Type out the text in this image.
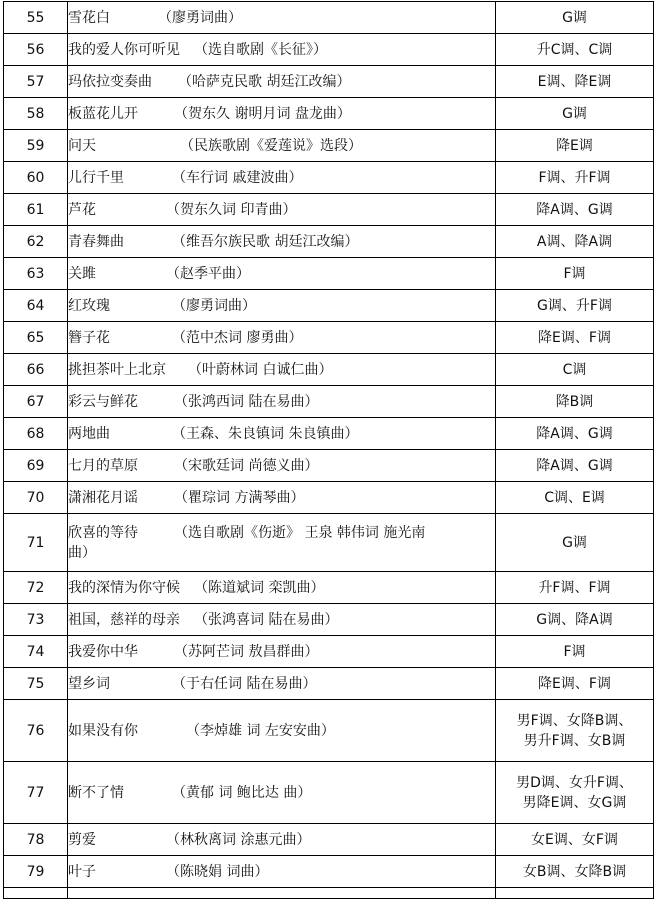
55	雪花白 （廖勇词曲）	G调
56	我的爱人你可听见 （选自歌剧《长征》）	升C调、C调
57	玛依拉变奏曲 （哈萨克民歌 胡廷江改编）	E调、降E调
58	板蓝花儿开 （贺东久 谢明月词 盘龙曲）	G调
59	问天 （民族歌剧《爱莲说》选段）	降E调
60	儿行千里 （车行词 戚建波曲）	F调、升F调
61	芦花 （贺东久词 印青曲）	降A调、G调
62	青春舞曲 （维吾尔族民歌 胡廷江改编）	A调、降A调
63	关雎 （赵季平曲）	F调
64	红玫瑰 （廖勇词曲）	G调、升F调
65	簪子花 （范中杰词 廖勇曲）	降E调、F调
66	挑担茶叶上北京 （叶蔚林词 白诚仁曲）	C调
67	彩云与鲜花 （张鸿西词 陆在易曲）	降B调
68	两地曲 （王森、朱良镇词 朱良镇曲）	降A调、G调
69	七月的草原 （宋歌廷词 尚德义曲）	降A调、G调
70	潇湘花月谣 （瞿琮词 方满琴曲）	C调、E调
71	欣喜的等待 （选自歌剧《伤逝》 王泉 韩伟词 施光南
曲）	G调
72	我的深情为你守候 （陈道斌词 栾凯曲）	升F调、F调
73	祖国，慈祥的母亲 （张鸿喜词 陆在易曲）	G调、降A调
74	我爱你中华 （苏阿芒词 敖昌群曲）	F调
75	望乡词 （于右任词 陆在易曲）	降E调、F调
76	如果没有你 （李焯雄 词 左安安曲）	男F调、女降B调、
男升F调、女B调
77	断不了情 （黄郁 词 鲍比达 曲）	男D调、女升F调、
男降E调、女G调
78	剪爱 （林秋离词 涂惠元曲）	女E调、女F调
79	叶子 （陈晓娟 词曲）	女B调、女降B调
